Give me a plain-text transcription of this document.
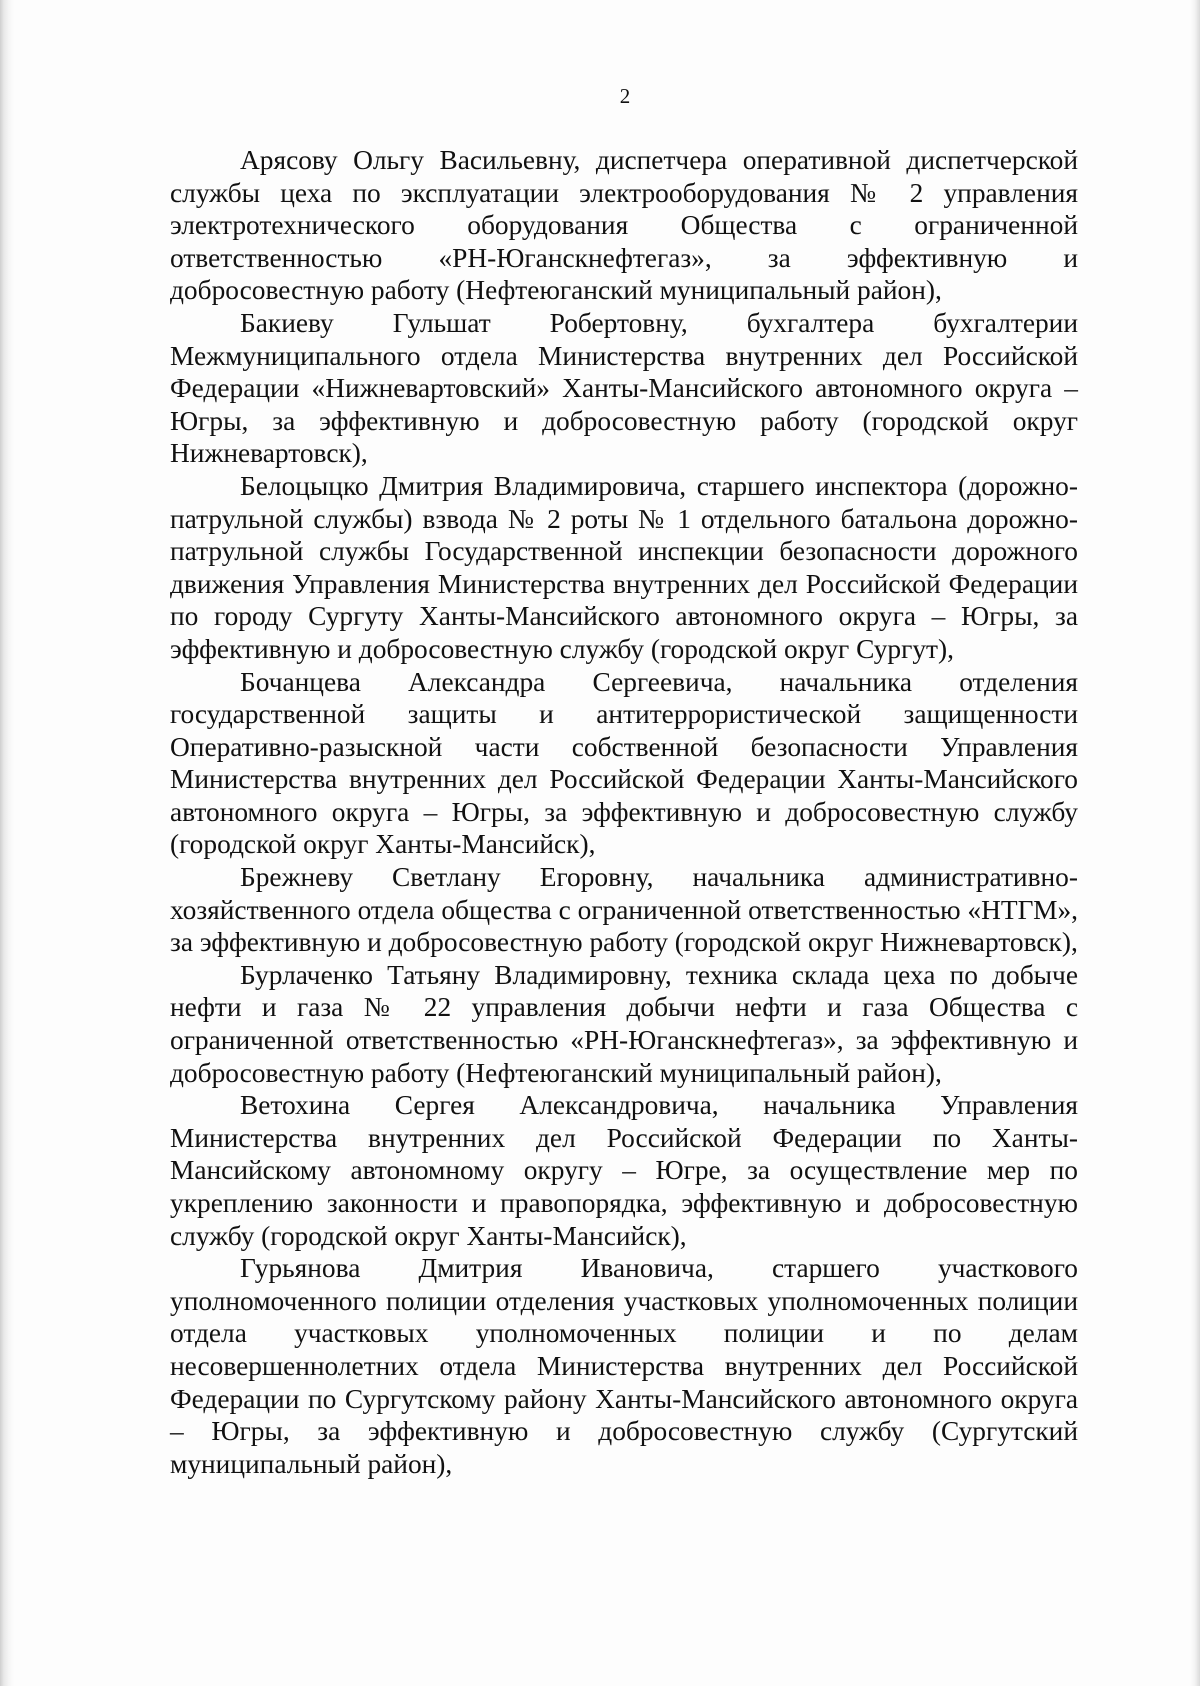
2

Арясову Ольгу Васильевну, диспетчера оперативной диспетчерской службы цеха по эксплуатации электрооборудования № 2 управления электротехнического оборудования Общества с ограниченной ответственностью «РН-Юганскнефтегаз», за эффективную и добросовестную работу (Нефтеюганский муниципальный район),

Бакиеву Гульшат Робертовну, бухгалтера бухгалтерии Межмуниципального отдела Министерства внутренних дел Российской Федерации «Нижневартовский» Ханты-Мансийского автономного округа – Югры, за эффективную и добросовестную работу (городской округ Нижневартовск),

Белоцыцко Дмитрия Владимировича, старшего инспектора (дорожно-патрульной службы) взвода № 2 роты № 1 отдельного батальона дорожно-патрульной службы Государственной инспекции безопасности дорожного движения Управления Министерства внутренних дел Российской Федерации по городу Сургуту Ханты-Мансийского автономного округа – Югры, за эффективную и добросовестную службу (городской округ Сургут),

Бочанцева Александра Сергеевича, начальника отделения государственной защиты и антитеррористической защищенности Оперативно-разыскной части собственной безопасности Управления Министерства внутренних дел Российской Федерации Ханты-Мансийского автономного округа – Югры, за эффективную и добросовестную службу (городской округ Ханты-Мансийск),

Брежневу Светлану Егоровну, начальника административно-хозяйственного отдела общества с ограниченной ответственностью «НТГМ», за эффективную и добросовестную работу (городской округ Нижневартовск),

Бурлаченко Татьяну Владимировну, техника склада цеха по добыче нефти и газа № 22 управления добычи нефти и газа Общества с ограниченной ответственностью «РН-Юганскнефтегаз», за эффективную и добросовестную работу (Нефтеюганский муниципальный район),

Ветохина Сергея Александровича, начальника Управления Министерства внутренних дел Российской Федерации по Ханты-Мансийскому автономному округу – Югре, за осуществление мер по укреплению законности и правопорядка, эффективную и добросовестную службу (городской округ Ханты-Мансийск),

Гурьянова Дмитрия Ивановича, старшего участкового уполномоченного полиции отделения участковых уполномоченных полиции отдела участковых уполномоченных полиции и по делам несовершеннолетних отдела Министерства внутренних дел Российской Федерации по Сургутскому району Ханты-Мансийского автономного округа – Югры, за эффективную и добросовестную службу (Сургутский муниципальный район),
